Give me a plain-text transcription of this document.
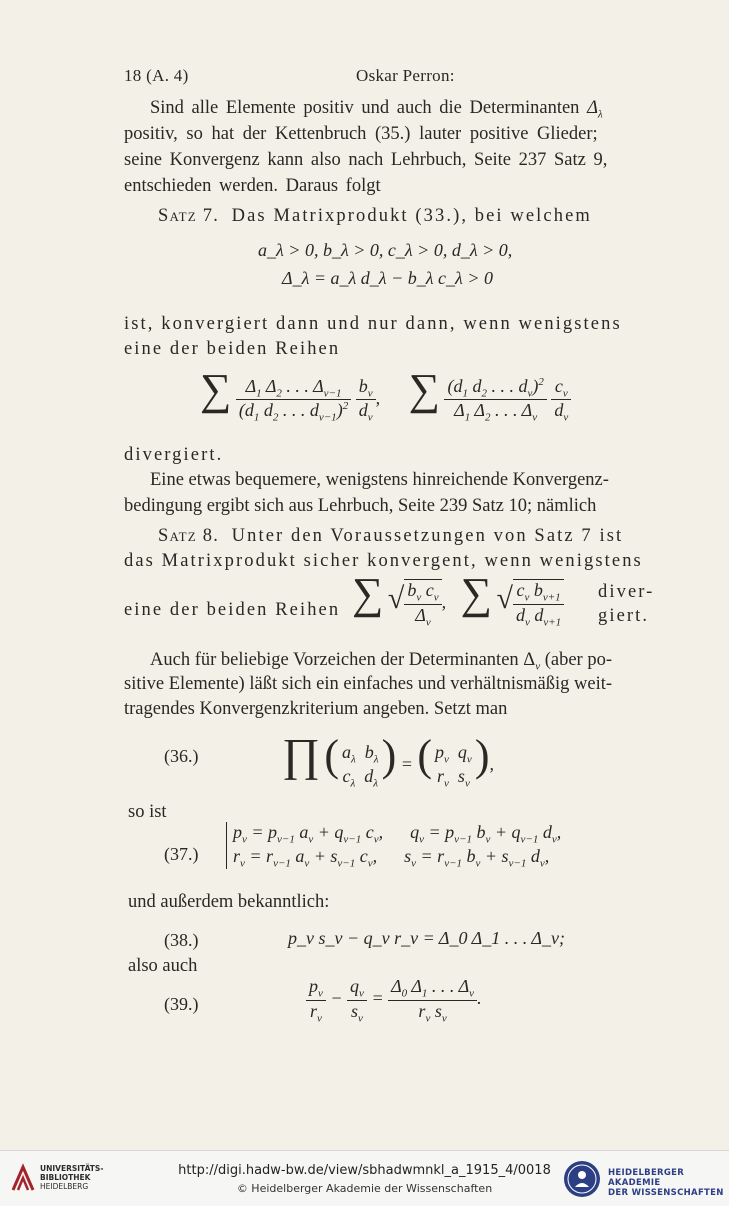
18 (A. 4)	Oskar Perron:
Sind alle Elemente positiv und auch die Determinanten $\Delta_\lambda$
positiv, so hat der Kettenbruch (35.) lauter positive Glieder;
seine Konvergenz kann also nach Lehrbuch, Seite 237 Satz 9,
entschieden werden. Daraus folgt
Satz 7. Das Matrixprodukt (33.), bei welchem
a_λ > 0, b_λ > 0, c_λ > 0, d_λ > 0,
Δ_λ = a_λ d_λ − b_λ c_λ > 0
ist, konvergiert dann und nur dann, wenn wenigstens
eine der beiden Reihen
∑ $\frac{\Delta_1 \Delta_2 . . . \Delta_{\nu-1}}{(d_1 d_2 . . . d_{\nu-1})^2}$
$\frac{b_\nu}{d_\nu}$ , ∑ $\frac{(d_1 d_2 . . . d_\nu)^2}{\Delta_1 \Delta_2 . . . \Delta_\nu}$
$\frac{c_\nu}{d_\nu}$
divergiert.
Eine etwas bequemere, wenigstens hinreichende Konvergenz-
bedingung ergibt sich aus Lehrbuch, Seite 239 Satz 10; nämlich
Satz 8. Unter den Voraussetzungen von Satz 7 ist
das Matrixprodukt sicher konvergent, wenn wenigstens
eine der beiden Reihen ∑ √ $\frac{b_\nu c_\nu}{\Delta_\nu}$ , ∑ √ $\frac{c_\nu b_{\nu+1}}{d_\nu d_{\nu+1}}$ diver-
giert.
Auch für beliebige Vorzeichen der Determinanten $\Delta_\nu$ (aber po-
sitive Elemente) läßt sich ein einfaches und verhältnismäßig weit-
tragendes Konvergenzkriterium angeben. Setzt man
(36.) ∏ ( $a_\lambda$  $b_\lambda$
$c_\lambda$  $d_\lambda$
) = ( $p_\nu$  $q_\nu$
$r_\nu$  $s_\nu$
),
so ist
(37.)
$p_\nu = p_{\nu-1}$ $a_\nu + q_{\nu-1}$ $c_\nu$,      $q_\nu = p_{\nu-1}$ $b_\nu + q_{\nu-1}$ $d_\nu$,
$r_\nu = r_{\nu-1}$ $a_\nu + s_{\nu-1}$ $c_\nu$,      $s_\nu = r_{\nu-1}$ $b_\nu + s_{\nu-1}$ $d_\nu$,
und außerdem bekanntlich:
(38.)	p_ν s_ν − q_ν r_ν = Δ_0 Δ_1 . . . Δ_ν;
also auch
(39.)	$\frac{p_\nu}{r_\nu} - \frac{q_\nu}{s_\nu} = \frac{\Delta_0 \Delta_1 . . . \Delta_\nu}{r_\nu s_\nu}$ .
UNIVERSITÄTS-
BIBLIOTHEK
HEIDELBERG
http://digi.hadw-bw.de/view/sbhadwmnkl_a_1915_4/0018
© Heidelberger Akademie der Wissenschaften
HEIDELBERGER AKADEMIE
DER WISSENSCHAFTEN
